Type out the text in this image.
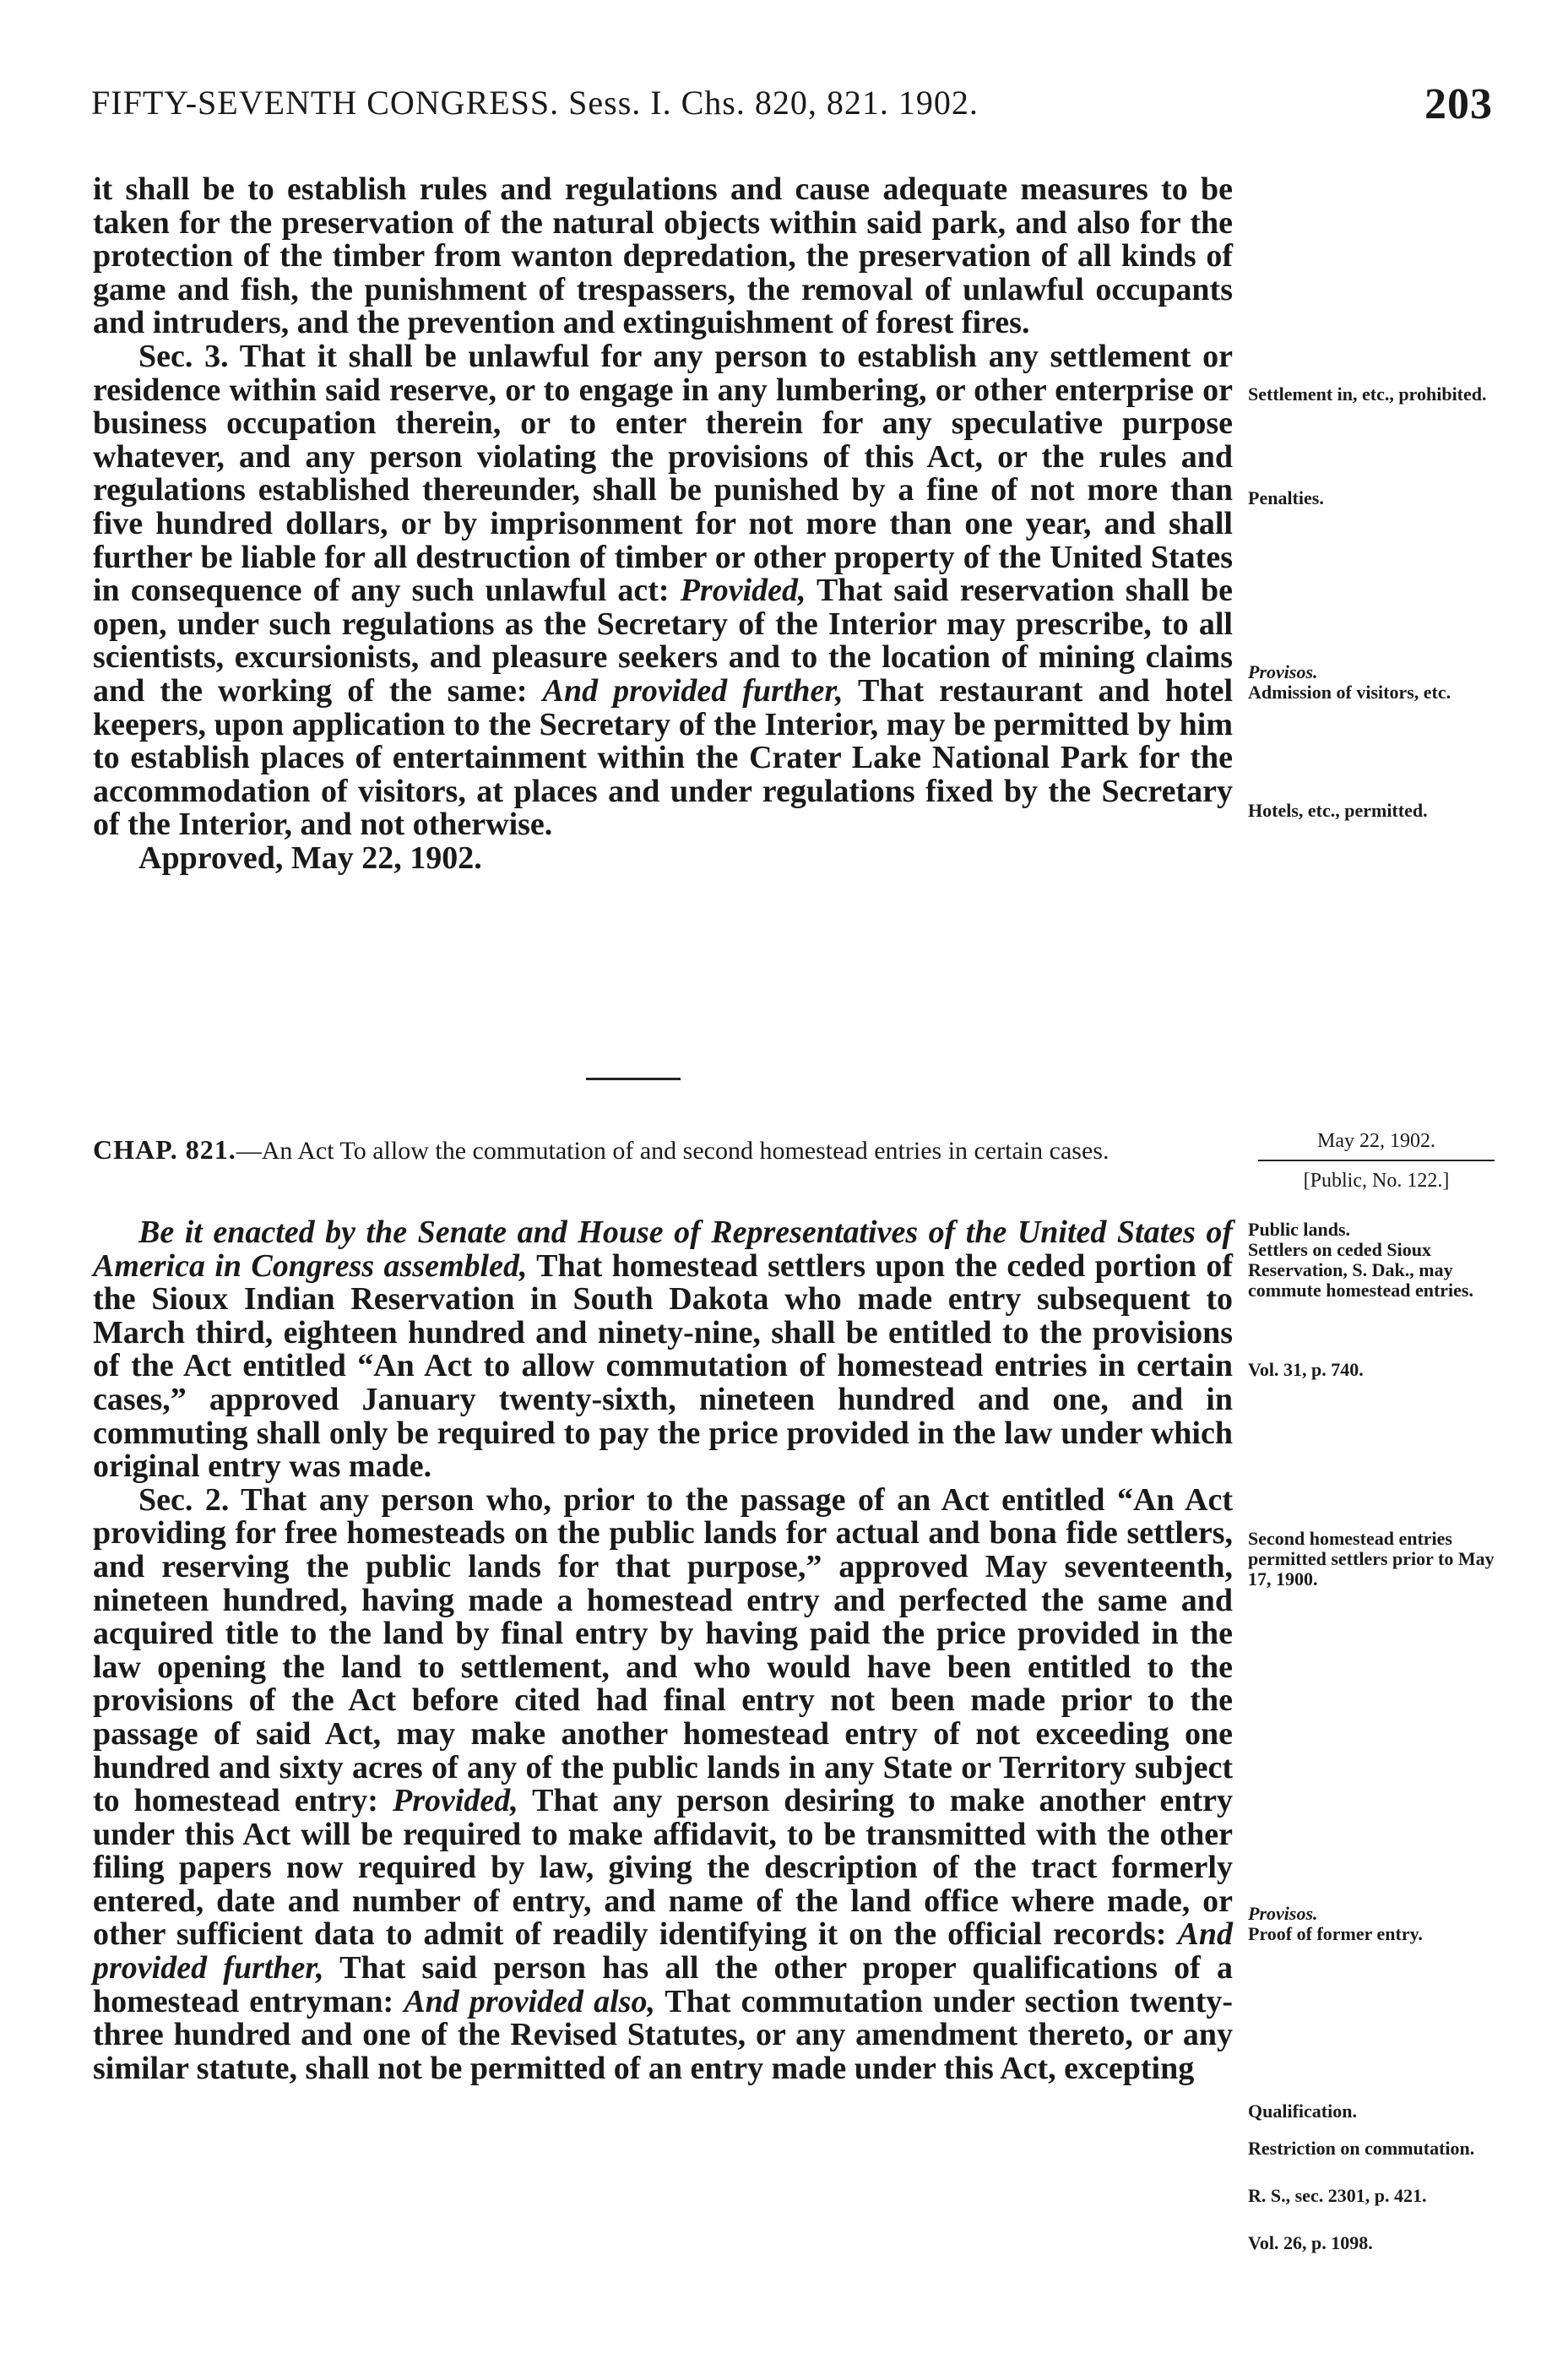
FIFTY-SEVENTH CONGRESS. Sess. I. Chs. 820, 821. 1902.	203

it shall be to establish rules and regulations and cause adequate measures to be taken for the preservation of the natural objects within said park, and also for the protection of the timber from wanton depredation, the preservation of all kinds of game and fish, the punishment of trespassers, the removal of unlawful occupants and intruders, and the prevention and extinguishment of forest fires.

Sec. 3. That it shall be unlawful for any person to establish any settlement or residence within said reserve, or to engage in any lumbering, or other enterprise or business occupation therein, or to enter therein for any speculative purpose whatever, and any person violating the provisions of this Act, or the rules and regulations established thereunder, shall be punished by a fine of not more than five hundred dollars, or by imprisonment for not more than one year, and shall further be liable for all destruction of timber or other property of the United States in consequence of any such unlawful act: Provided, That said reservation shall be open, under such regulations as the Secretary of the Interior may prescribe, to all scientists, excursionists, and pleasure seekers and to the location of mining claims and the working of the same: And provided further, That restaurant and hotel keepers, upon application to the Secretary of the Interior, may be permitted by him to establish places of entertainment within the Crater Lake National Park for the accommodation of visitors, at places and under regulations fixed by the Secretary of the Interior, and not otherwise.

Approved, May 22, 1902.

Settlement in, etc., prohibited.
Penalties.
Provisos.
Admission of visitors, etc.
Hotels, etc., permitted.
CHAP. 821.—An Act To allow the commutation of and second homestead entries in certain cases.	May 22, 1902.
[Public, No. 122.]

Be it enacted by the Senate and House of Representatives of the United States of America in Congress assembled, That homestead settlers upon the ceded portion of the Sioux Indian Reservation in South Dakota who made entry subsequent to March third, eighteen hundred and ninety-nine, shall be entitled to the provisions of the Act entitled “An Act to allow commutation of homestead entries in certain cases,” approved January twenty-sixth, nineteen hundred and one, and in commuting shall only be required to pay the price provided in the law under which original entry was made.

Sec. 2. That any person who, prior to the passage of an Act entitled “An Act providing for free homesteads on the public lands for actual and bona fide settlers, and reserving the public lands for that purpose,” approved May seventeenth, nineteen hundred, having made a homestead entry and perfected the same and acquired title to the land by final entry by having paid the price provided in the law opening the land to settlement, and who would have been entitled to the provisions of the Act before cited had final entry not been made prior to the passage of said Act, may make another homestead entry of not exceeding one hundred and sixty acres of any of the public lands in any State or Territory subject to homestead entry: Provided, That any person desiring to make another entry under this Act will be required to make affidavit, to be transmitted with the other filing papers now required by law, giving the description of the tract formerly entered, date and number of entry, and name of the land office where made, or other sufficient data to admit of readily identifying it on the official records: And provided further, That said person has all the other proper qualifications of a homestead entryman: And provided also, That commutation under section twenty-three hundred and one of the Revised Statutes, or any amendment thereto, or any similar statute, shall not be permitted of an entry made under this Act, excepting

Public lands.
Settlers on ceded Sioux Reservation, S. Dak., may commute homestead entries.
Vol. 31, p. 740.
Second homestead entries permitted settlers prior to May 17, 1900.
Provisos.
Proof of former entry.
Qualification.
Restriction on commutation.
R. S., sec. 2301, p. 421.
Vol. 26, p. 1098.
